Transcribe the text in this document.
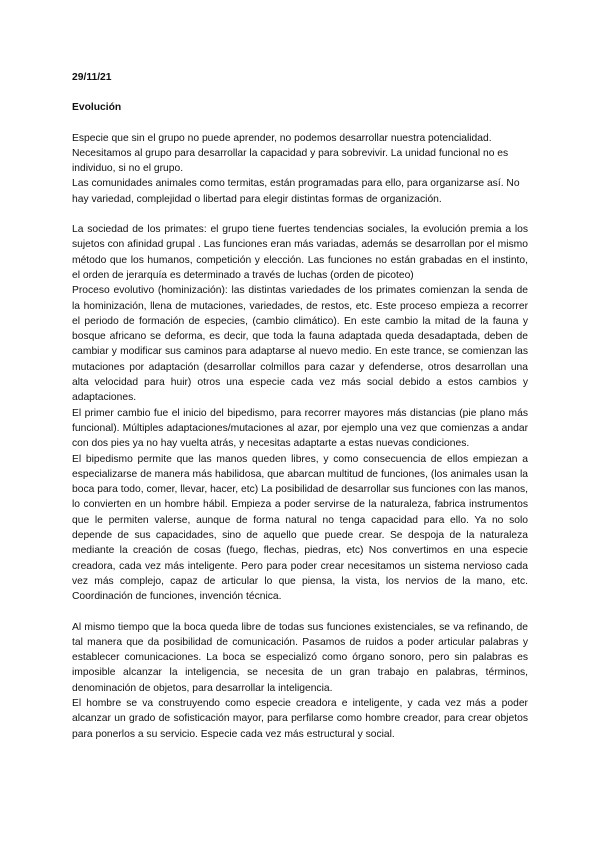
29/11/21

Evolución

Especie que sin el grupo no puede aprender, no podemos desarrollar nuestra potencialidad. Necesitamos al grupo para desarrollar la capacidad y para sobrevivir. La unidad funcional no es individuo, si no el grupo.

Las comunidades animales como termitas, están programadas para ello, para organizarse así. No hay variedad, complejidad o libertad para elegir distintas formas de organización.

La sociedad de los primates: el grupo tiene fuertes tendencias sociales, la evolución premia a los sujetos con afinidad grupal . Las funciones eran más variadas, además se desarrollan por el mismo método que los humanos, competición y elección. Las funciones no están grabadas en el instinto, el orden de jerarquía es determinado a través de luchas (orden de picoteo)

Proceso evolutivo (hominización): las distintas variedades de los primates comienzan la senda de la hominización, llena de mutaciones, variedades, de restos, etc. Este proceso empieza a recorrer el periodo de formación de especies, (cambio climático). En este cambio la mitad de la fauna y bosque africano se deforma, es decir, que toda la fauna adaptada queda desadaptada, deben de cambiar y modificar sus caminos para adaptarse al nuevo medio. En este trance, se comienzan las mutaciones por adaptación (desarrollar colmillos para cazar y defenderse, otros desarrollan una alta velocidad para huir) otros una especie cada vez más social debido a estos cambios y adaptaciones.

El primer cambio fue el inicio del bipedismo, para recorrer mayores más distancias (pie plano más funcional). Múltiples adaptaciones/mutaciones al azar, por ejemplo una vez que comienzas a andar con dos pies ya no hay vuelta atrás, y necesitas adaptarte a estas nuevas condiciones.

El bipedismo permite que las manos queden libres, y como consecuencia de ellos empiezan a especializarse de manera más habilidosa, que abarcan multitud de funciones, (los animales usan la boca para todo, comer, llevar, hacer, etc) La posibilidad de desarrollar sus funciones con las manos, lo convierten en un hombre hábil. Empieza a poder servirse de la naturaleza, fabrica instrumentos que le permiten valerse, aunque de forma natural no tenga capacidad para ello. Ya no solo depende de sus capacidades, sino de aquello que puede crear. Se despoja de la naturaleza mediante la creación de cosas (fuego, flechas, piedras, etc) Nos convertimos en una especie creadora, cada vez más inteligente. Pero para poder crear necesitamos un sistema nervioso cada vez más complejo, capaz de articular lo que piensa, la vista, los nervios de la mano, etc. Coordinación de funciones, invención técnica.

Al mismo tiempo que la boca queda libre de todas sus funciones existenciales, se va refinando, de tal manera que da posibilidad de comunicación. Pasamos de ruidos a poder articular palabras y establecer comunicaciones. La boca se especializó como órgano sonoro, pero sin palabras es imposible alcanzar la inteligencia, se necesita de un gran trabajo en palabras, términos, denominación de objetos, para desarrollar la inteligencia.

El hombre se va construyendo como especie creadora e inteligente, y cada vez más a poder alcanzar un grado de sofisticación mayor, para perfilarse como hombre creador, para crear objetos para ponerlos a su servicio. Especie cada vez más estructural y social.
